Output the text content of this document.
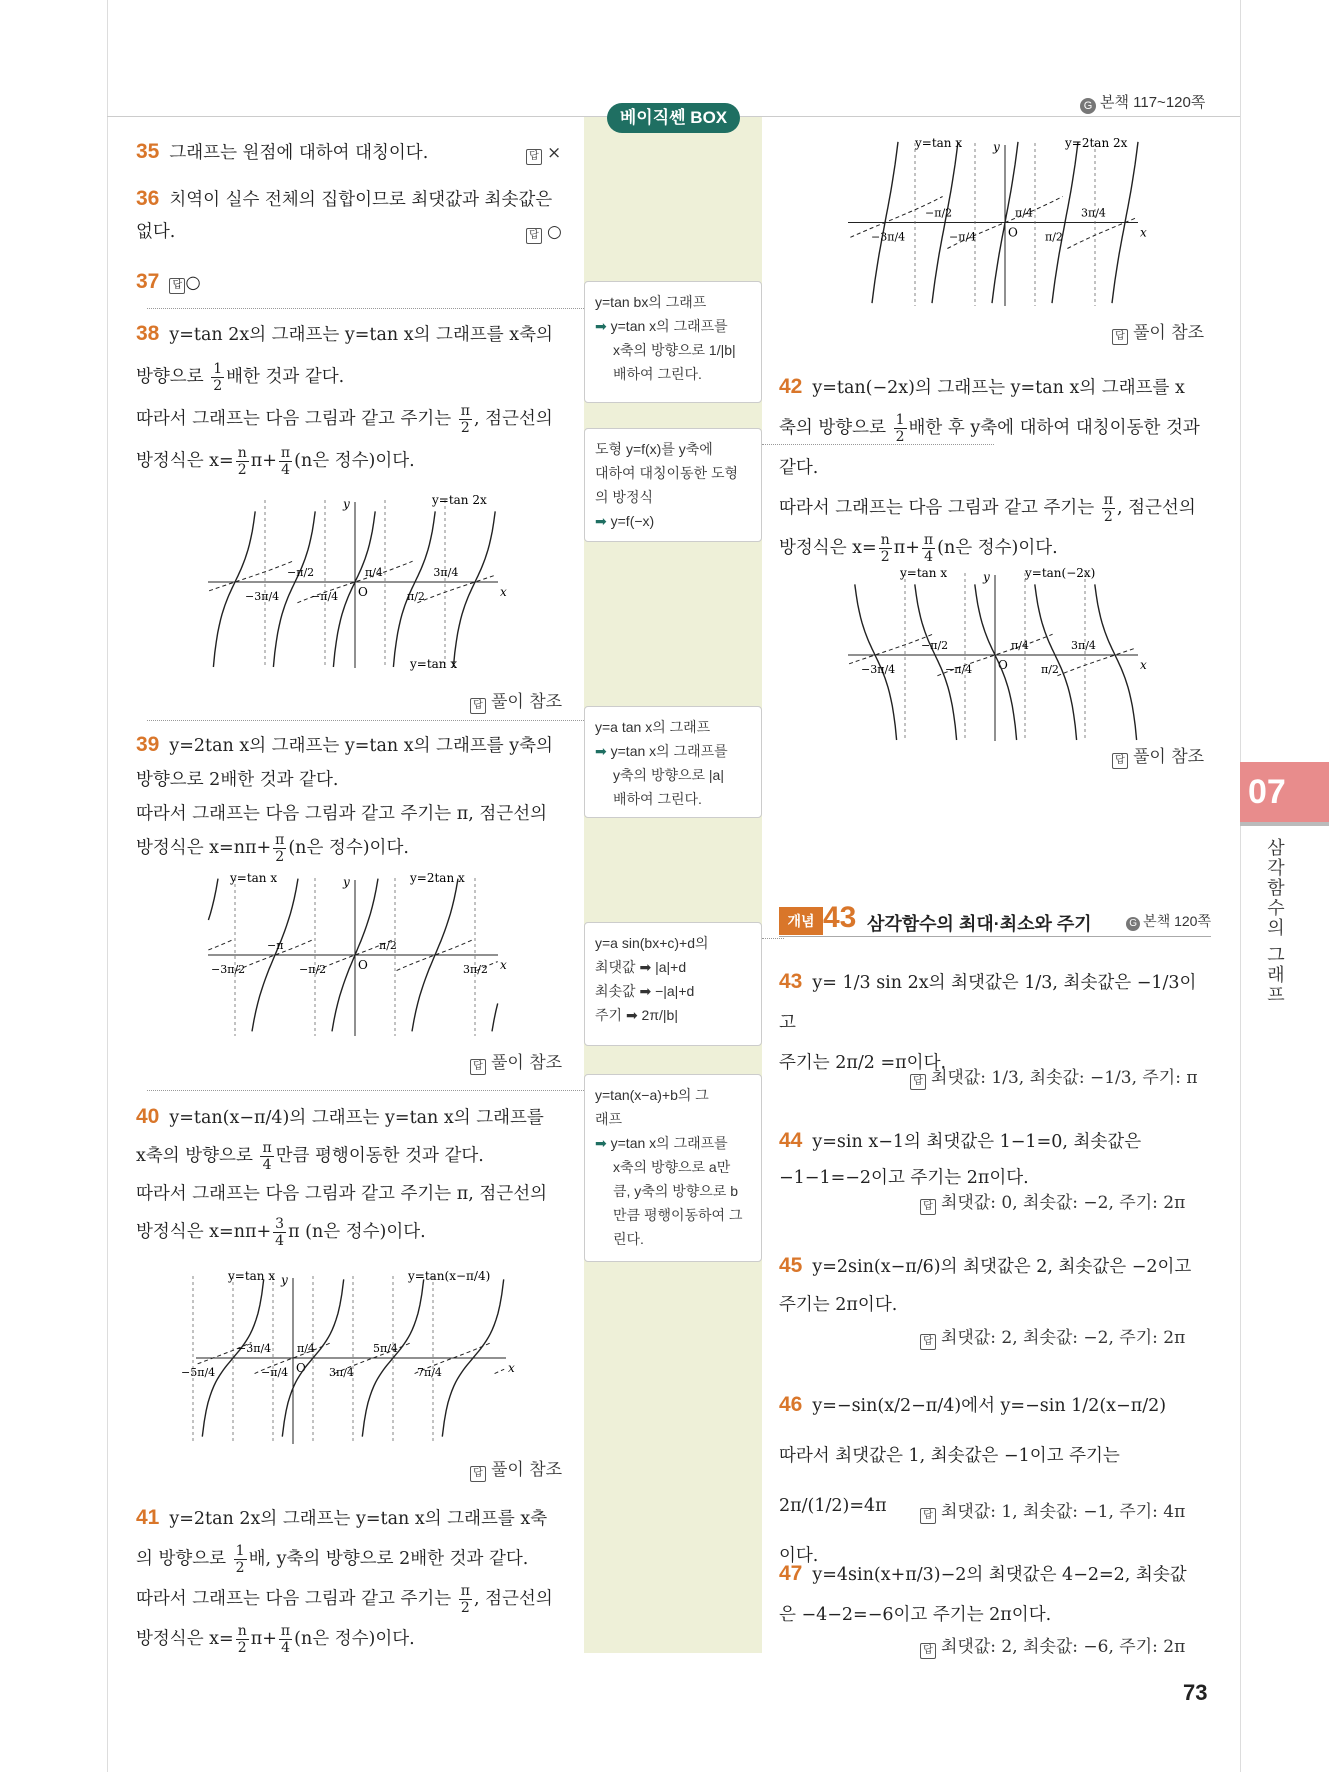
G 본책 117~120쪽
베이직쎈 BOX
y=tan bx의 그래프
➡ y=tan x의 그래프를
x축의 방향으로 1/|b|
배하여 그린다.
도형 y=f(x)를 y축에
대하여 대칭이동한 도형
의 방정식
➡ y=f(−x)
y=a tan x의 그래프
➡ y=tan x의 그래프를
y축의 방향으로 |a|
배하여 그린다.
y=a sin(bx+c)+d의
최댓값 ➡ |a|+d
최솟값 ➡ −|a|+d
주기 ➡ 2π/|b|
y=tan(x−a)+b의 그
래프
➡ y=tan x의 그래프를
x축의 방향으로 a만
큼, y축의 방향으로 b
만큼 평행이동하여 그
린다.
35 그래프는 원점에 대하여 대칭이다.	답 ×
36 치역이 실수 전체의 집합이므로 최댓값과 최솟값은
없다.	답 ○
37 답 ○
38 y=tan 2x의 그래프는 y=tan x의 그래프를 x축의
방향으로 $\frac{1}{2}$ 배한 것과 같다.
따라서 그래프는 다음 그림과 같고 주기는 $\frac{\pi}{2}$ , 점근선의
방정식은 $x= \frac{n}{2} \pi+ \frac{\pi}{4} (n$은 정수)이다.
x
y
O
−3π/4
−π/2
−π/4
π/4
π/2
3π/4
y=tan 2x
y=tan x
답 풀이 참조
39 y=2tan x의 그래프는 y=tan x의 그래프를 y축의
방향으로 2배한 것과 같다.
따라서 그래프는 다음 그림과 같고 주기는 π, 점근선의
방정식은 $x=n\pi+ \frac{\pi}{2} (n$은 정수)이다.
x
y
O
−3π/2
−π
−π/2
π/2
3π/2
y=2tan x
y=tan x
답 풀이 참조
40 y=tan(x−π/4)의 그래프는 y=tan x의 그래프를
x축의 방향으로 $\frac{\pi}{4}$ 만큼 평행이동한 것과 같다.
따라서 그래프는 다음 그림과 같고 주기는 π, 점근선의
방정식은 $x=n\pi+ \frac{3}{4}$ π (n은 정수)이다.
x
y
O
−5π/4
−3π/4
−π/4
π/4
3π/4
5π/4
7π/4
y=tan(x−π/4)
y=tan x
답 풀이 참조
41 y=2tan 2x의 그래프는 y=tan x의 그래프를 x축
의 방향으로 $\frac{1}{2}$ 배, y축의 방향으로 2배한 것과 같다.
따라서 그래프는 다음 그림과 같고 주기는 $\frac{\pi}{2}$ , 점근선의
방정식은 $x= \frac{n}{2} \pi+ \frac{\pi}{4} (n$은 정수)이다.
x
y
O
−3π/4
−π/2
−π/4
π/4
π/2
3π/4
y=2tan 2x
y=tan x
답 풀이 참조
42 y=tan(−2x)의 그래프는 y=tan x의 그래프를 x
축의 방향으로 $\frac{1}{2}$ 배한 후 y축에 대하여 대칭이동한 것과
같다.
따라서 그래프는 다음 그림과 같고 주기는 $\frac{\pi}{2}$ , 점근선의
방정식은 $x= \frac{n}{2} \pi+ \frac{\pi}{4} (n$은 정수)이다.
x
y
O
−3π/4
−π/2
−π/4
π/4
π/2
3π/4
y=tan(−2x)
y=tan x
답 풀이 참조
개념 43 삼각함수의 최대·최소와 주기	G 본책 120쪽
43 y= 1/3 sin 2x의 최댓값은 1/3, 최솟값은 −1/3이고
주기는 2π/2 =π이다.
답 최댓값: 1/3, 최솟값: −1/3, 주기: π
44 y=sin x−1의 최댓값은 1−1=0, 최솟값은
−1−1=−2이고 주기는 2π이다.
답 최댓값: 0, 최솟값: −2, 주기: 2π
45 y=2sin(x−π/6)의 최댓값은 2, 최솟값은 −2이고
주기는 2π이다.
답 최댓값: 2, 최솟값: −2, 주기: 2π
46 y=−sin(x/2−π/4)에서 y=−sin 1/2(x−π/2)
따라서 최댓값은 1, 최솟값은 −1이고 주기는 2π/(1/2)=4π
이다.
답 최댓값: 1, 최솟값: −1, 주기: 4π
47 y=4sin(x+π/3)−2의 최댓값은 4−2=2, 최솟값
은 −4−2=−6이고 주기는 2π이다.
답 최댓값: 2, 최솟값: −6, 주기: 2π
07
삼각함수의 그래프
73
